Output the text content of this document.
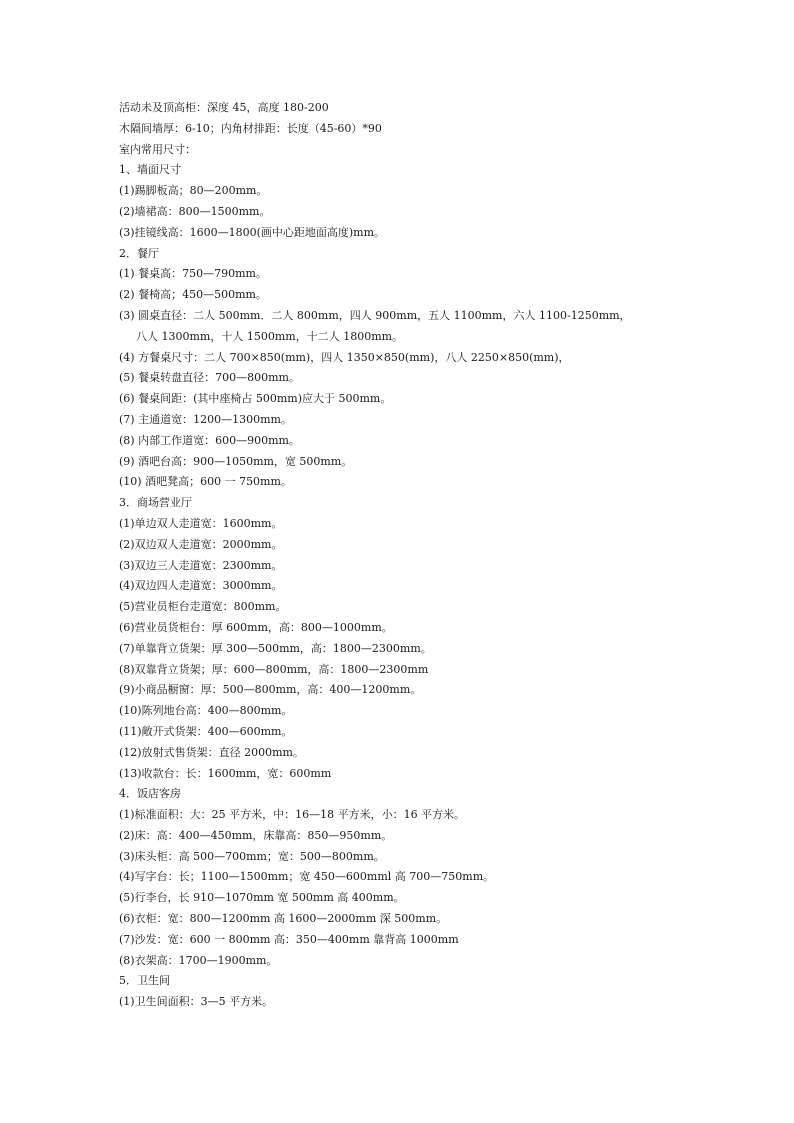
活动未及顶高柜：深度 45，高度 180-200
木隔间墙厚：6-10；内角材排距：长度（45-60）*90
室内常用尺寸：
1、墙面尺寸
(1)踢脚板高；80—200mm。
(2)墙裙高：800—1500mm。
(3)挂镜线高：1600—1800(画中心距地面高度)mm。
2．餐厅
(1) 餐桌高：750—790mm。
(2) 餐椅高；450—500mm。
(3) 圆桌直径：二人 500mm．二人 800mm，四人 900mm，五人 1100mm，六人 1100-1250mm，
八人 1300mm，十人 1500mm，十二人 1800mm。
(4) 方餐桌尺寸：二人 700×850(mm)，四人 1350×850(mm)，八人 2250×850(mm)，
(5) 餐桌转盘直径：700—800mm。
(6) 餐桌间距：(其中座椅占 500mm)应大于 500mm。
(7) 主通道宽：1200—1300mm。
(8) 内部工作道宽：600—900mm。
(9) 酒吧台高：900—1050mm，宽 500mm。
(10) 酒吧凳高；600 一 750mm。
3．商场营业厅
(1)单边双人走道宽：1600mm。
(2)双边双人走道宽：2000mm。
(3)双边三人走道宽：2300mm。
(4)双边四人走道宽：3000mm。
(5)营业员柜台走道宽：800mm。
(6)营业员货柜台：厚 600mm，高：800—1000mm。
(7)单靠背立货架：厚 300—500mm，高：1800—2300mm。
(8)双靠背立货架；厚：600—800mm，高：1800—2300mm
(9)小商品橱窗：厚：500—800mm，高：400—1200mm。
(10)陈列地台高：400—800mm。
(11)敞开式货架：400—600mm。
(12)放射式售货架：直径 2000mm。
(13)收款台：长：1600mm，宽：600mm
4．饭店客房
(1)标准面积：大：25 平方米，中：16—18 平方米，小：16 平方米。
(2)床：高：400—450mm，床靠高：850—950mm。
(3)床头柜：高 500—700mm；宽：500—800mm。
(4)写字台：长；1100—1500mm；宽 450—600mml 高 700—750mm。
(5)行李台，长 910—1070mm 宽 500mm 高 400mm。
(6)衣柜：宽：800—1200mm 高 1600—2000mm 深 500mm。
(7)沙发：宽：600 一 800mm 高：350—400mm 靠背高 1000mm
(8)衣架高：1700—1900mm。
5．卫生间
(1)卫生间面积：3—5 平方米。
